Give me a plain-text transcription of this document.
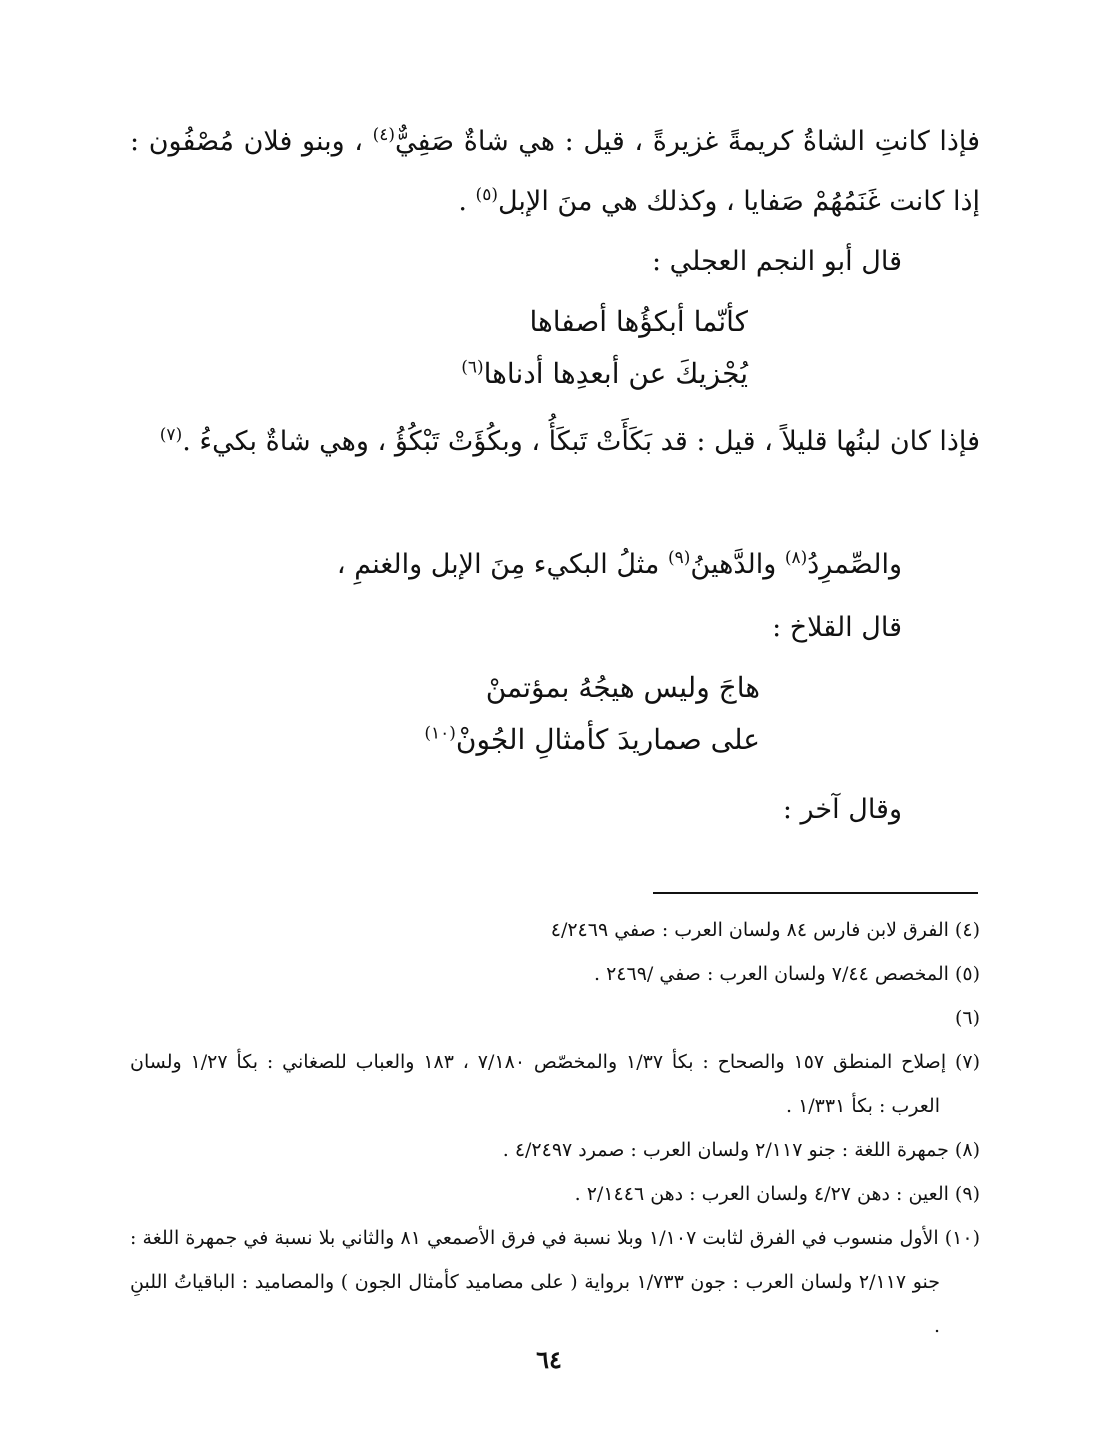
فإذا كانتِ الشاةُ كريمةً غزيرةً ، قيل : هي شاةٌ صَفِيٌّ$^{(٤)}$ ، وبنو فلان مُصْفُون : إذا كانت غَنَمُهُمْ صَفايا ، وكذلك هي منَ الإبل$^{(٥)}$ .
قال أبو النجم العجلي :
كأنّما أبكؤُها أصفاها
يُجْزيكَ عن أبعدِها أدناها$^{(٦)}$
فإذا كان لبنُها قليلاً ، قيل : قد بَكَأَتْ تَبكَأُ ، وبكُؤَتْ تَبْكُؤُ ، وهي شاةٌ بكيءُ .$^{(٧)}$
والصِّمرِدُ$^{(٨)}$ والدَّهينُ$^{(٩)}$ مثلُ البكيء مِنَ الإبل والغنمِ ،
قال القلاخ :
هاجَ وليس هيجُهُ بمؤتمنْ
على صماريدَ كأمثالِ الجُونْ$^{(١٠)}$
وقال آخر :

(٤) الفرق لابن فارس ٨٤ ولسان العرب : صفي ٤/٢٤٦٩

(٥) المخصص ٧/٤٤ ولسان العرب : صفي /٢٤٦٩ .

(٦)

(٧) إصلاح المنطق ١٥٧ والصحاح : بكأ ١/٣٧ والمخصّص ٧/١٨٠ ، ١٨٣ والعباب للصغاني : بكأ ١/٢٧ ولسان العرب : بكأ ١/٣٣١ .

(٨) جمهرة اللغة : جنو ٢/١١٧ ولسان العرب : صمرد ٤/٢٤٩٧ .

(٩) العين : دهن ٤/٢٧ ولسان العرب : دهن ٢/١٤٤٦ .

(١٠) الأول منسوب في الفرق لثابت ١/١٠٧ وبلا نسبة في فرق الأصمعي ٨١ والثاني بلا نسبة في جمهرة اللغة : جنو ٢/١١٧ ولسان العرب : جون ١/٧٣٣ برواية ( على مصاميد كأمثال الجون ) والمصاميد : الباقياتُ اللبنِ .

٦٤
